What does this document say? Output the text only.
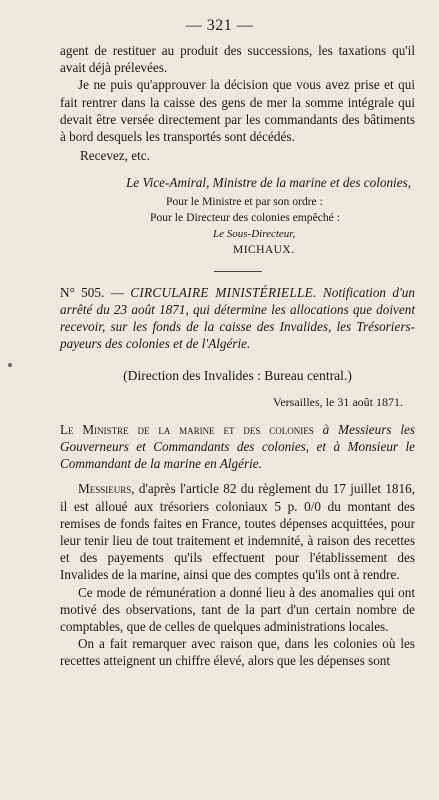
— 321 —

agent de restituer au produit des successions, les taxations qu'il avait déjà prélevées.

Je ne puis qu'approuver la décision que vous avez prise et qui fait rentrer dans la caisse des gens de mer la somme intégrale qui devait être versée directement par les commandants des bâtiments à bord desquels les transportés sont décédés.

Recevez, etc.

Le Vice-Amiral, Ministre de la marine et des colonies,

Pour le Ministre et par son ordre :

Pour le Directeur des colonies empêché :

Le Sous-Directeur,

MICHAUX.

N° 505. — CIRCULAIRE MINISTÉRIELLE. Notification d'un arrêté du 23 août 1871, qui détermine les allocations que doivent recevoir, sur les fonds de la caisse des Invalides, les Trésoriers-payeurs des colonies et de l'Algérie.

(Direction des Invalides : Bureau central.)

Versailles, le 31 août 1871.

Le Ministre de la marine et des colonies à Messieurs les Gouverneurs et Commandants des colonies, et à Monsieur le Commandant de la marine en Algérie.

Messieurs, d'après l'article 82 du règlement du 17 juillet 1816, il est alloué aux trésoriers coloniaux 5 p. 0/0 du montant des remises de fonds faites en France, toutes dépenses acquittées, pour leur tenir lieu de tout traitement et indemnité, à raison des recettes et des payements qu'ils effectuent pour l'établissement des Invalides de la marine, ainsi que des comptes qu'ils ont à rendre.

Ce mode de rémunération a donné lieu à des anomalies qui ont motivé des observations, tant de la part d'un certain nombre de comptables, que de celles de quelques administrations locales.

On a fait remarquer avec raison que, dans les colonies où les recettes atteignent un chiffre élevé, alors que les dépenses sont
